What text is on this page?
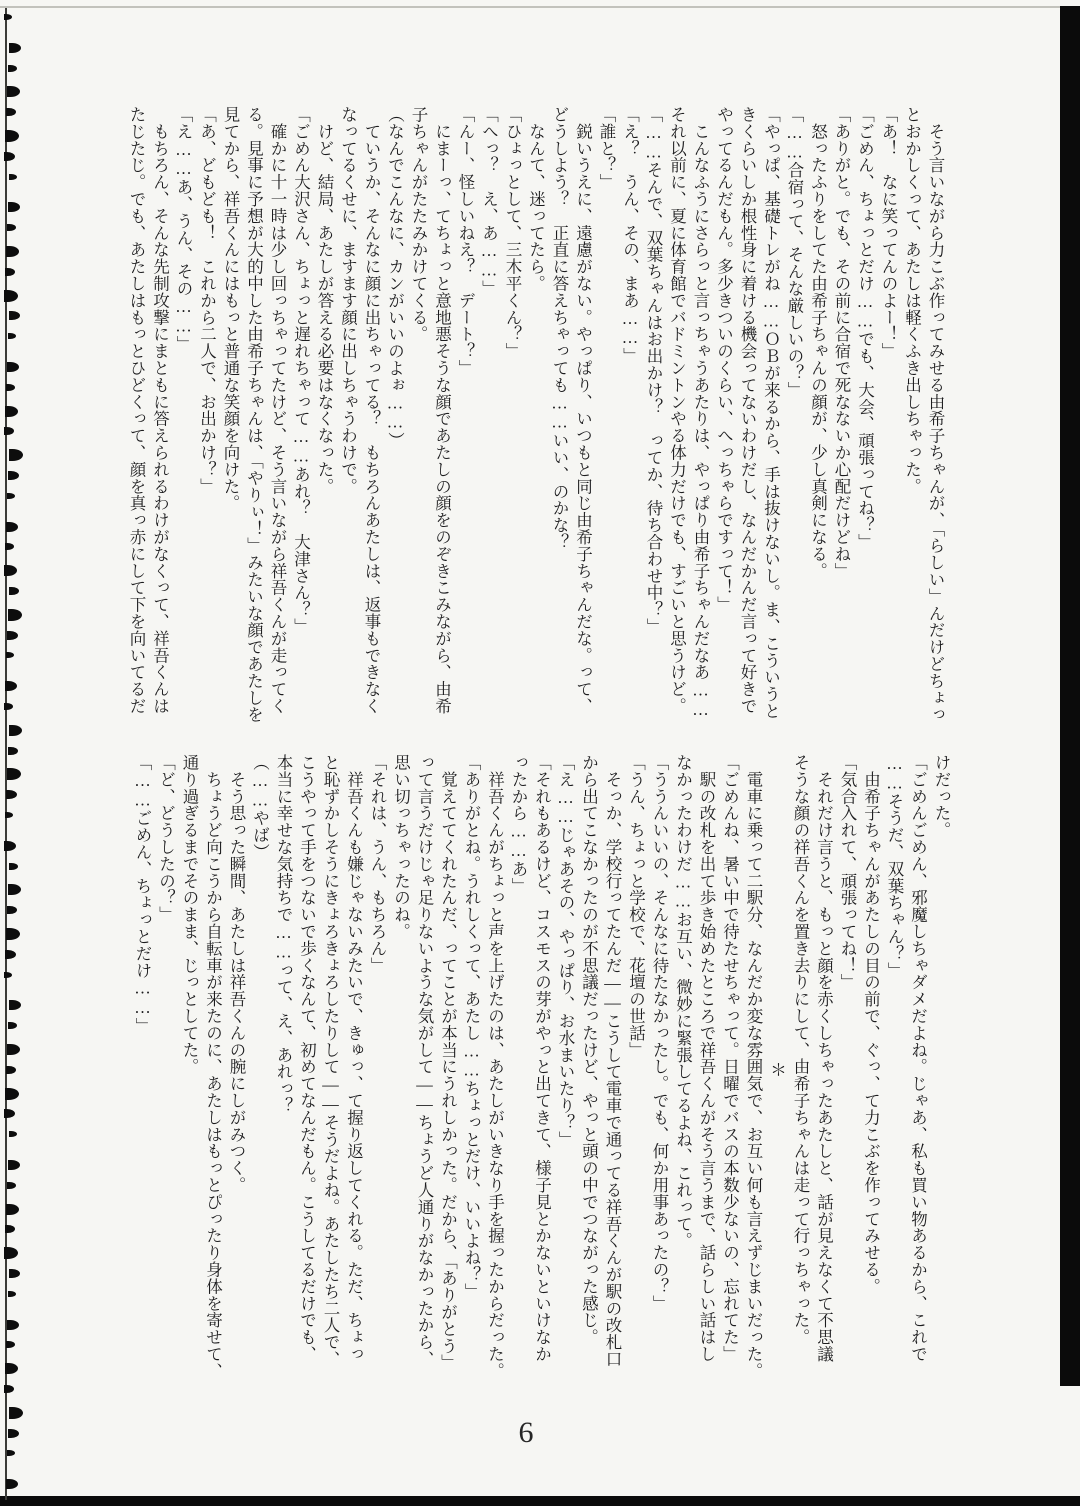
　そう言いながら力こぶ作ってみせる由希子ちゃんが、「らしい」んだけどちょっ

とおかしくって、あたしは軽くふき出しちゃった。

「あ！　なに笑ってんのよー！」

「ごめん、ちょっとだけ……でも、大会、頑張ってね？」

「ありがと。でも、その前に合宿で死なないか心配だけどね」

　怒ったふりをしてた由希子ちゃんの顔が、少し真剣になる。

「……合宿って、そんな厳しいの？」

「やっぱ、基礎トレがね……ＯＢが来るから、手は抜けないし。ま、こういうと

きくらいしか根性身に着ける機会ってないわけだし、なんだかんだ言って好きで

やってるんだもん。多少きついのくらい、へっちゃらですって！」

　こんなふうにさらっと言っちゃうあたりは、やっぱり由希子ちゃんだなあ……

それ以前に、夏に体育館でバドミントンやる体力だけでも、すごいと思うけど。

「……そんで、双葉ちゃんはお出かけ？　ってか、待ち合わせ中？」

「え？　うん、その、まあ……」

「誰と？」

　鋭いうえに、遠慮がない。やっぱり、いつもと同じ由希子ちゃんだな。って、

どうしよう？　正直に答えちゃっても……いい、のかな？

　なんて、迷ってたら。

「ひょっとして、三木平くん？」

「へっ？　え、あ……」

「んー、怪しいねえ？　デート？」

　にまーっ、てちょっと意地悪そうな顔であたしの顔をのぞきこみながら、由希

子ちゃんがたたみかけてくる。

（なんでこんなに、カンがいいのよぉ……）

　ていうか、そんなに顔に出ちゃってる？　もちろんあたしは、返事もできなく

なってるくせに、ますます顔に出しちゃうわけで。

　けど、結局、あたしが答える必要はなくなった。

「ごめん大沢さん、ちょっと遅れちゃって……あれ？　大津さん？」

　確かに十一時は少し回っちゃってたけど、そう言いながら祥吾くんが走ってく

る。見事に予想が大的中した由希子ちゃんは、「やりぃ！」みたいな顔であたしを

見てから、祥吾くんにはもっと普通な笑顔を向けた。

「あ、どもども！　これから二人で、お出かけ？」

「え……あ、うん、その……」

　もちろん、そんな先制攻撃にまともに答えられるわけがなくって、祥吾くんは

たじたじ。でも、あたしはもっとひどくって、顔を真っ赤にして下を向いてるだ

けだった。

「ごめんごめん、邪魔しちゃダメだよね。じゃあ、私も買い物あるから、これで

……そうだ、双葉ちゃん？」

　由希子ちゃんがあたしの目の前で、ぐっ、て力こぶを作ってみせる。

「気合入れて、頑張ってね！」

　それだけ言うと、もっと顔を赤くしちゃったあたしと、話が見えなくて不思議

そうな顔の祥吾くんを置き去りにして、由希子ちゃんは走って行っちゃった。

＊

　電車に乗って二駅分、なんだか変な雰囲気で、お互い何も言えずじまいだった。

「ごめんね、暑い中で待たせちゃって。日曜でバスの本数少ないの、忘れてた」

　駅の改札を出て歩き始めたところで祥吾くんがそう言うまで、話らしい話はし

なかったわけだ……お互い、微妙に緊張してるよね、これって。

「ううんいいの、そんなに待たなかったし。でも、何か用事あったの？」

「うん、ちょっと学校で、花壇の世話」

　そっか、学校行ってたんだ――こうして電車で通ってる祥吾くんが駅の改札口

から出てこなかったのが不思議だったけど、やっと頭の中でつながった感じ。

「え……じゃあその、やっぱり、お水まいたり？」

「それもあるけど、コスモスの芽がやっと出てきて、様子見とかないといけなか

ったから……あ」

　祥吾くんがちょっと声を上げたのは、あたしがいきなり手を握ったからだった。

「ありがとね。うれしくって、あたし……ちょっとだけ、いいよね？」

　覚えててくれたんだ、ってことが本当にうれしかった。だから、「ありがとう」

って言うだけじゃ足りないような気がして――ちょうど人通りがなかったから、

思い切っちゃったのね。

「それは、うん、もちろん」

　祥吾くんも嫌じゃないみたいで、きゅっ、て握り返してくれる。ただ、ちょっ

と恥ずかしそうにきょろきょろしたりして――そうだよね。あたしたち二人で、

こうやって手をつないで歩くなんて、初めてなんだもん。こうしてるだけでも、

本当に幸せな気持ちで……って、え、あれっ？

（……やば）

　そう思った瞬間、あたしは祥吾くんの腕にしがみつく。

　ちょうど向こうから自転車が来たのに、あたしはもっとぴったり身体を寄せて、

通り過ぎるまでそのまま、じっとしてた。

「ど、どうしたの？」

「……ごめん、ちょっとだけ……」

6
